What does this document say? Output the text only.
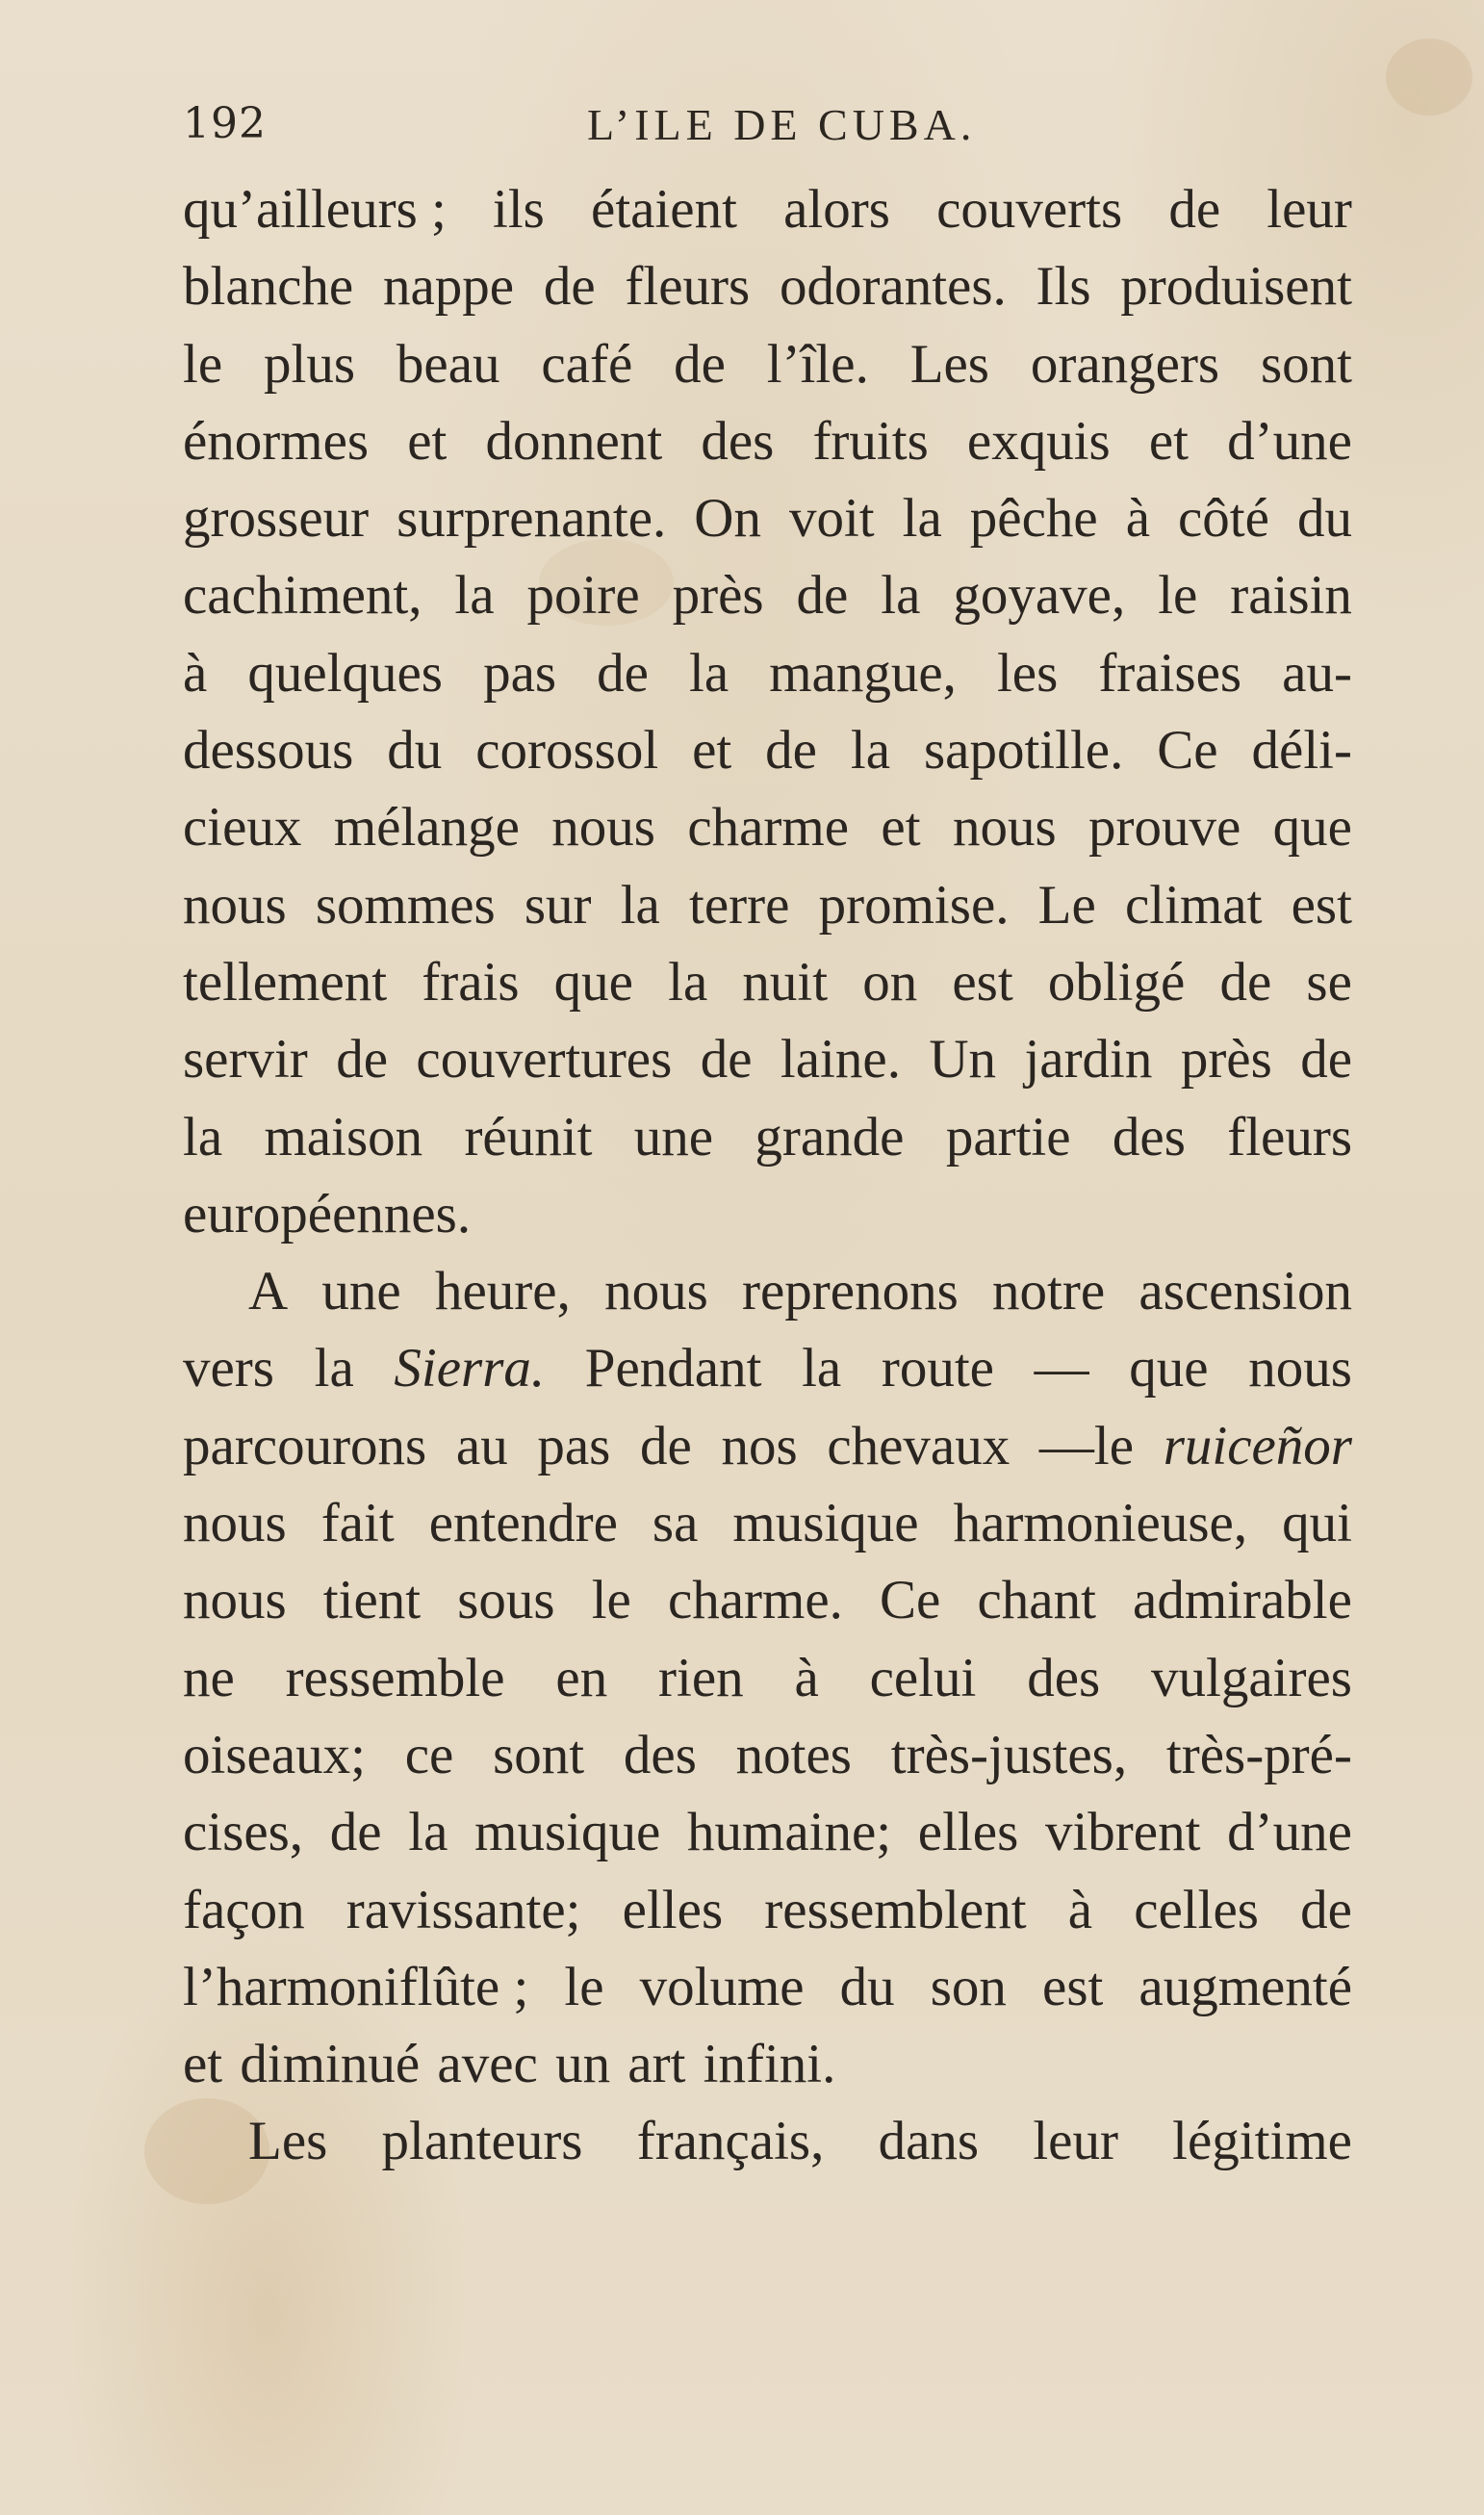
192	L’ILE DE CUBA.
qu’ailleurs ; ils étaient alors couverts de leur
blanche nappe de fleurs odorantes. Ils produisent
le plus beau café de l’île. Les orangers sont
énormes et donnent des fruits exquis et d’une
grosseur surprenante. On voit la pêche à côté du
cachiment, la poire près de la goyave, le raisin
à quelques pas de la mangue, les fraises au-
dessous du corossol et de la sapotille. Ce déli-
cieux mélange nous charme et nous prouve que
nous sommes sur la terre promise. Le climat est
tellement frais que la nuit on est obligé de se
servir de couvertures de laine. Un jardin près de
la maison réunit une grande partie des fleurs
européennes.
A une heure, nous reprenons notre ascension
vers la Sierra. Pendant la route — que nous
parcourons au pas de nos chevaux —le ruiceñor
nous fait entendre sa musique harmonieuse, qui
nous tient sous le charme. Ce chant admirable
ne ressemble en rien à celui des vulgaires
oiseaux; ce sont des notes très-justes, très-pré-
cises, de la musique humaine; elles vibrent d’une
façon ravissante; elles ressemblent à celles de
l’harmoniflûte ; le volume du son est augmenté
et diminué avec un art infini.
Les planteurs français, dans leur légitime
